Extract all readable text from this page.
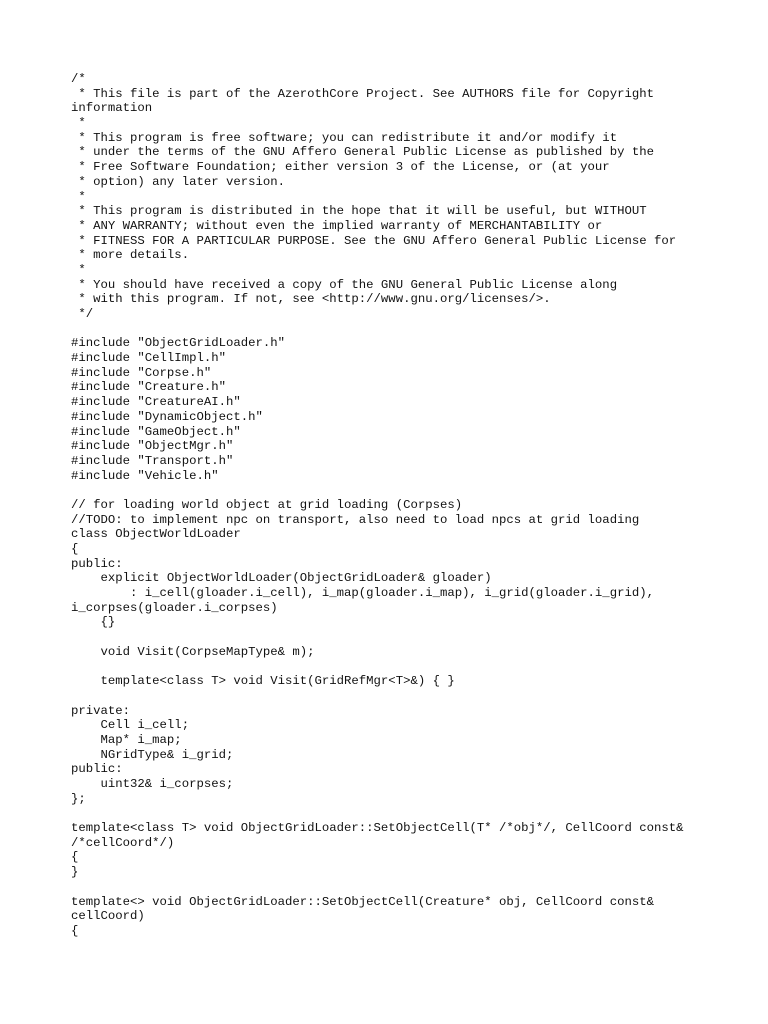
/*
* This file is part of the AzerothCore Project. See AUTHORS file for Copyright
information
*
* This program is free software; you can redistribute it and/or modify it
* under the terms of the GNU Affero General Public License as published by the
* Free Software Foundation; either version 3 of the License, or (at your
* option) any later version.
*
* This program is distributed in the hope that it will be useful, but WITHOUT
* ANY WARRANTY; without even the implied warranty of MERCHANTABILITY or
* FITNESS FOR A PARTICULAR PURPOSE. See the GNU Affero General Public License for
* more details.
*
* You should have received a copy of the GNU General Public License along
* with this program. If not, see <http://www.gnu.org/licenses/>.
*/
#include "ObjectGridLoader.h"
#include "CellImpl.h"
#include "Corpse.h"
#include "Creature.h"
#include "CreatureAI.h"
#include "DynamicObject.h"
#include "GameObject.h"
#include "ObjectMgr.h"
#include "Transport.h"
#include "Vehicle.h"
// for loading world object at grid loading (Corpses)
//TODO: to implement npc on transport, also need to load npcs at grid loading
class ObjectWorldLoader
{
public:
explicit ObjectWorldLoader(ObjectGridLoader& gloader)
: i_cell(gloader.i_cell), i_map(gloader.i_map), i_grid(gloader.i_grid),
i_corpses(gloader.i_corpses)
{}
void Visit(CorpseMapType& m);
template<class T> void Visit(GridRefMgr<T>&) { }
private:
Cell i_cell;
Map* i_map;
NGridType& i_grid;
public:
uint32& i_corpses;
};
template<class T> void ObjectGridLoader::SetObjectCell(T* /*obj*/, CellCoord const&
/*cellCoord*/)
{
}
template<> void ObjectGridLoader::SetObjectCell(Creature* obj, CellCoord const&
cellCoord)
{
